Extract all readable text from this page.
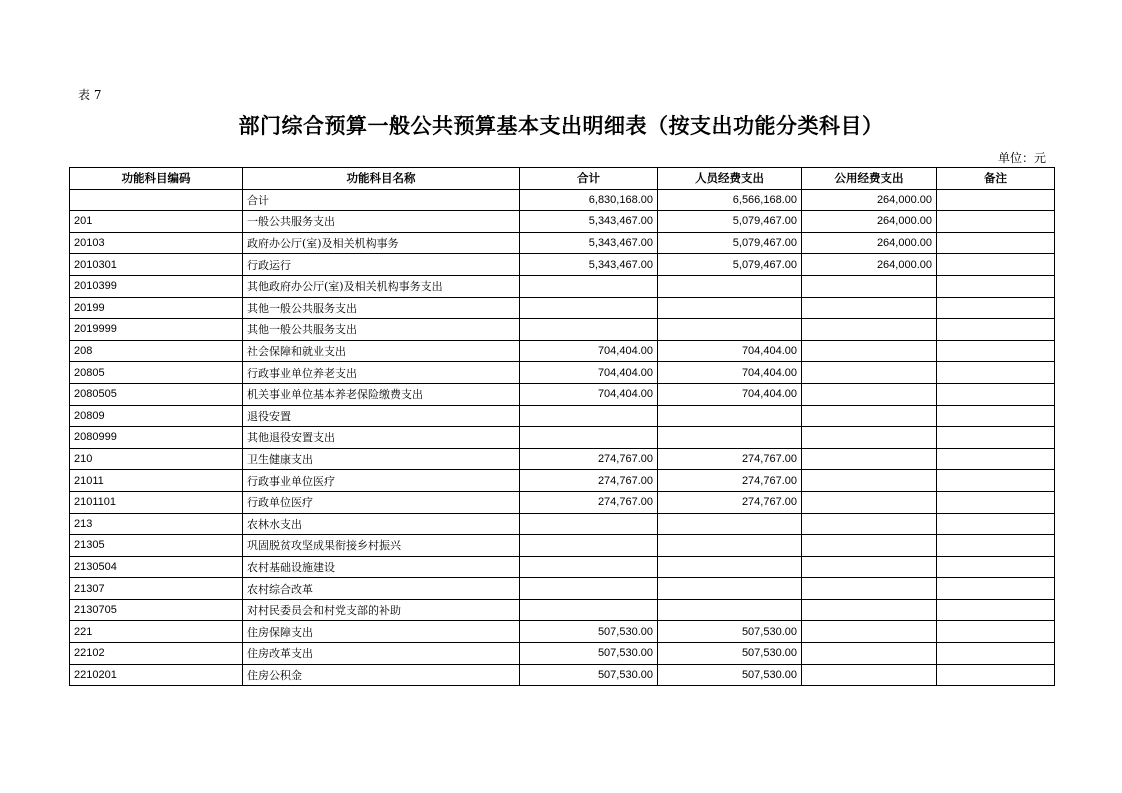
表 7
部门综合预算一般公共预算基本支出明细表（按支出功能分类科目）
单位：元
功能科目编码	功能科目名称	合计	人员经费支出	公用经费支出	备注
	合计	6,830,168.00	6,566,168.00	264,000.00	
201	一般公共服务支出	5,343,467.00	5,079,467.00	264,000.00	
20103	政府办公厅(室)及相关机构事务	5,343,467.00	5,079,467.00	264,000.00	
2010301	行政运行	5,343,467.00	5,079,467.00	264,000.00	
2010399	其他政府办公厅(室)及相关机构事务支出				
20199	其他一般公共服务支出				
2019999	其他一般公共服务支出				
208	社会保障和就业支出	704,404.00	704,404.00		
20805	行政事业单位养老支出	704,404.00	704,404.00		
2080505	机关事业单位基本养老保险缴费支出	704,404.00	704,404.00		
20809	退役安置				
2080999	其他退役安置支出				
210	卫生健康支出	274,767.00	274,767.00		
21011	行政事业单位医疗	274,767.00	274,767.00		
2101101	行政单位医疗	274,767.00	274,767.00		
213	农林水支出				
21305	巩固脱贫攻坚成果衔接乡村振兴				
2130504	农村基础设施建设				
21307	农村综合改革				
2130705	对村民委员会和村党支部的补助				
221	住房保障支出	507,530.00	507,530.00		
22102	住房改革支出	507,530.00	507,530.00		
2210201	住房公积金	507,530.00	507,530.00		
